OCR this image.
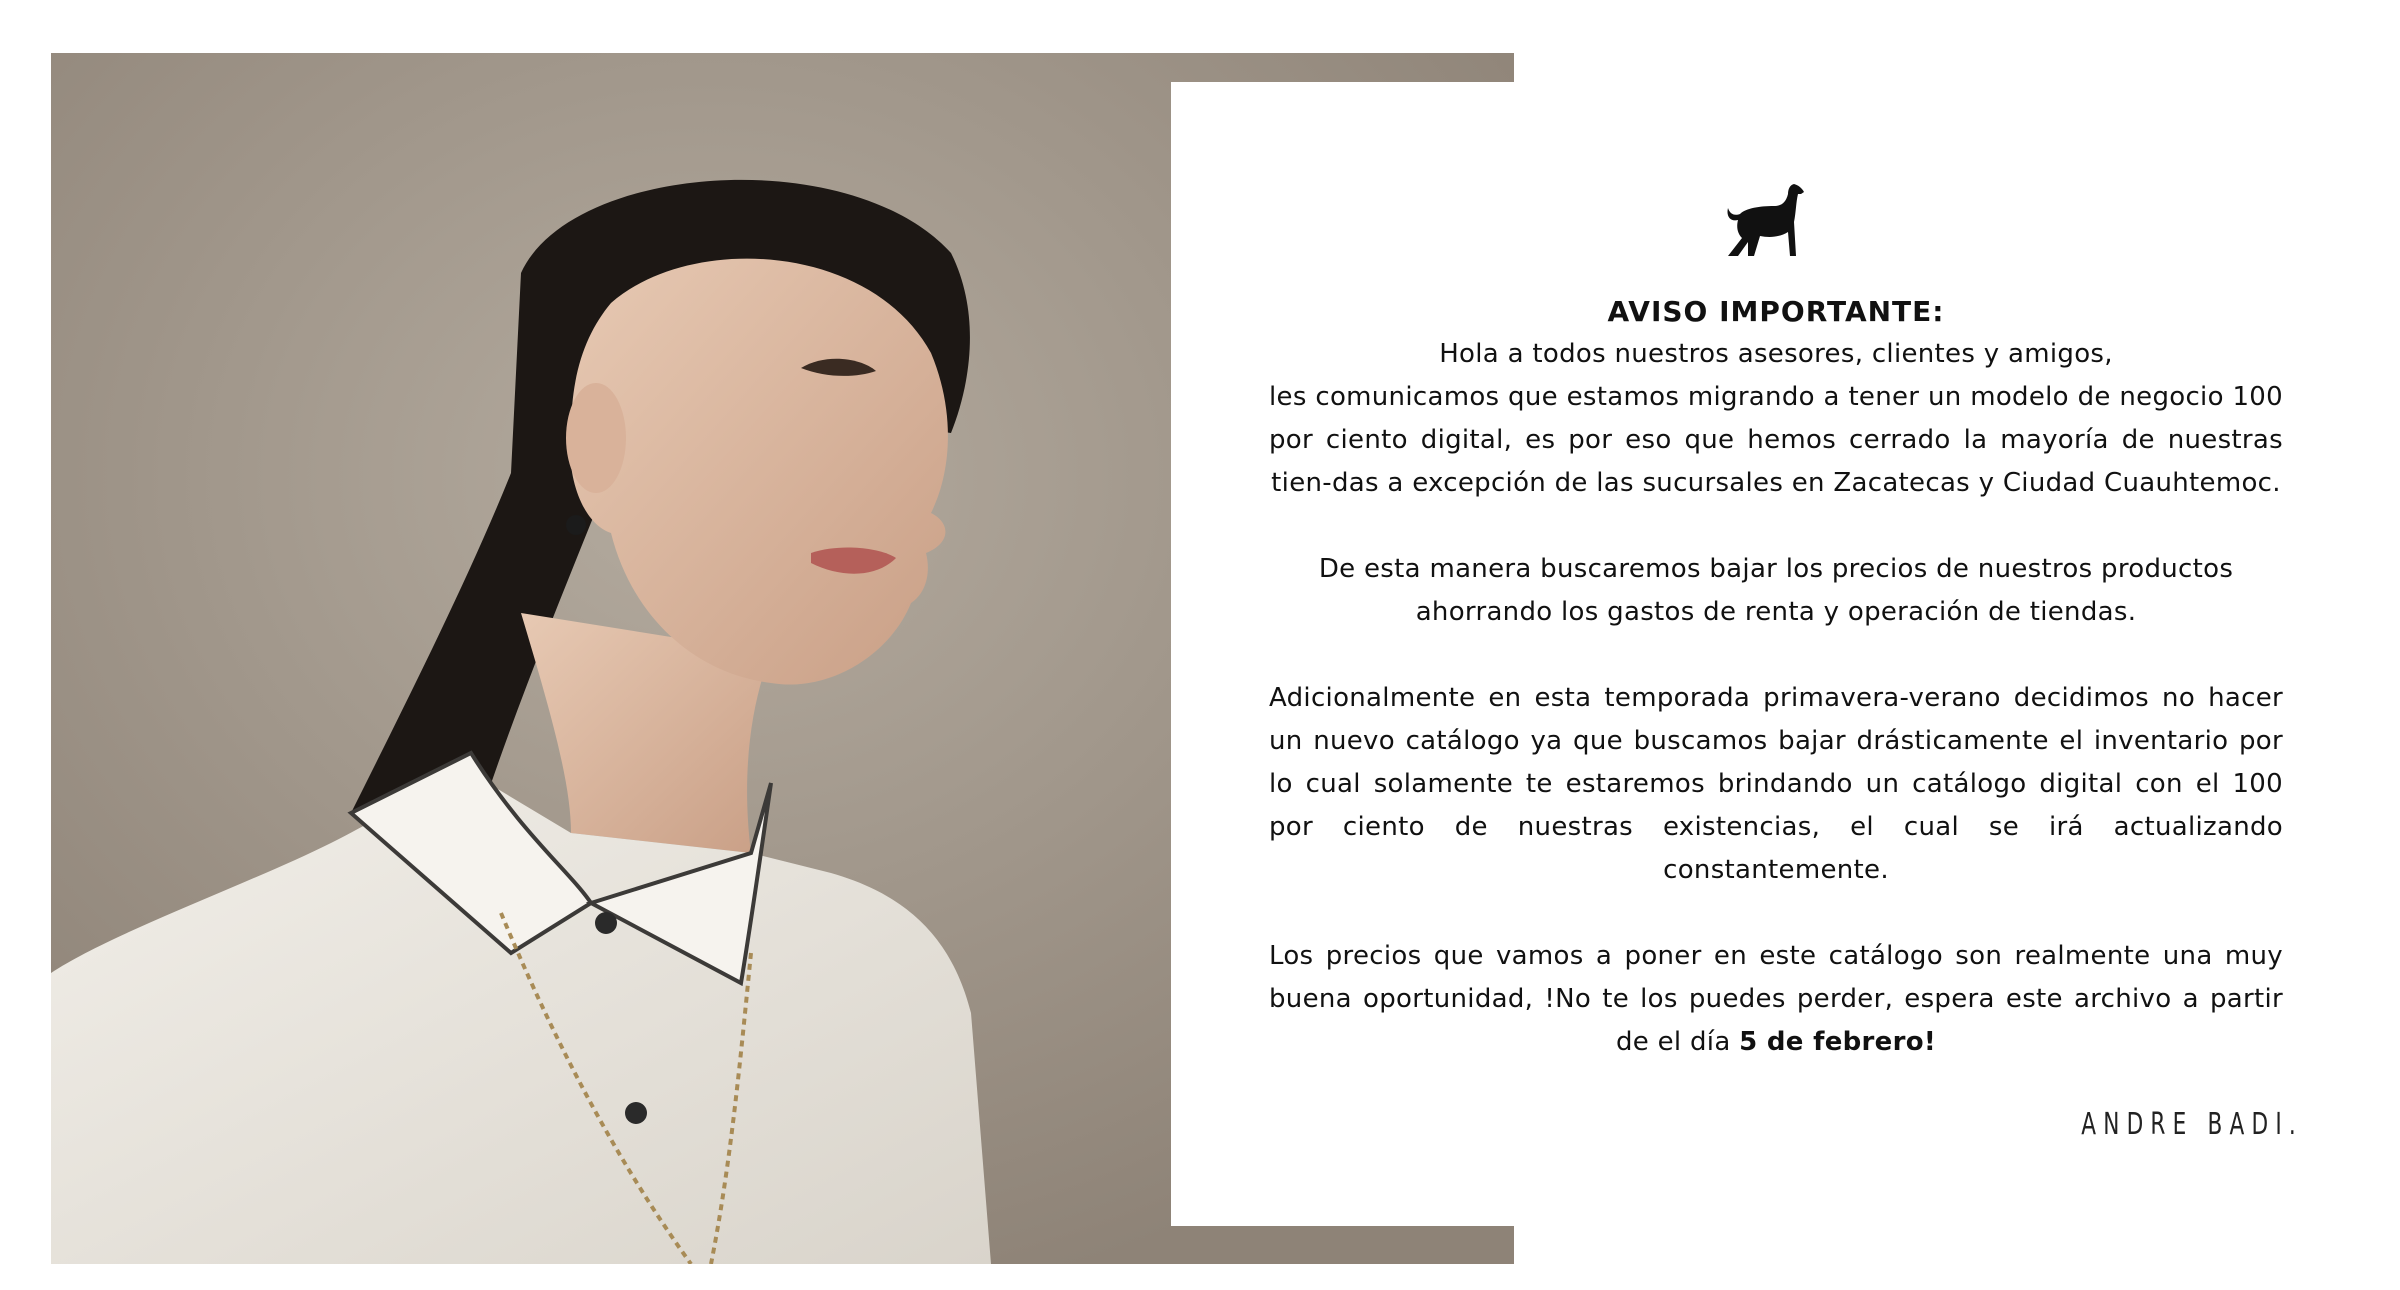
AVISO IMPORTANTE:

Hola a todos nuestros asesores, clientes y amigos,

les comunicamos que estamos migrando a tener un modelo de negocio 100 por ciento digital, es por eso que hemos cerrado la mayoría de nuestras tien-das a excepción de las sucursales en Zacatecas y Ciudad Cuauhtemoc.

De esta manera buscaremos bajar los precios de nuestros productos ahorrando los gastos de renta y operación de tiendas.

Adicionalmente en esta temporada primavera-verano decidimos no hacer un nuevo catálogo ya que buscamos bajar drásticamente el inventario por lo cual solamente te estaremos brindando un catálogo digital con el 100 por ciento de nuestras existencias, el cual se irá actualizando constantemente.

Los precios que vamos a poner en este catálogo son realmente una muy buena oportunidad, !No te los puedes perder, espera este archivo a partir de el día 5 de febrero!

ANDRE BADI.
